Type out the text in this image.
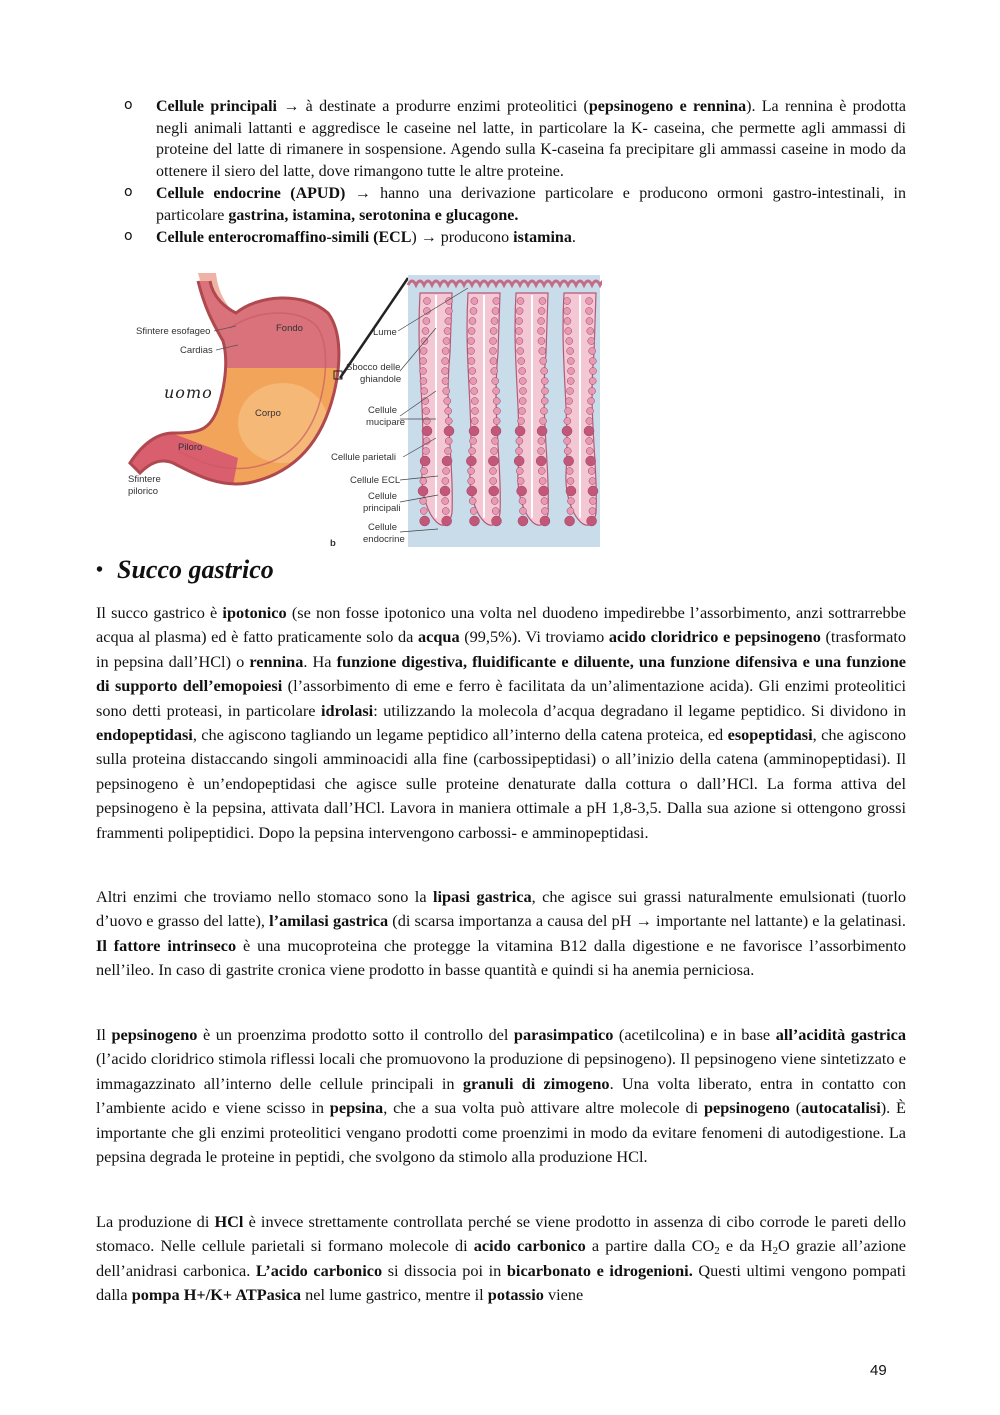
o Cellule principali → à destinate a produrre enzimi proteolitici (pepsinogeno e rennina). La rennina è prodotta negli animali lattanti e aggredisce le caseine nel latte, in particolare la K- caseina, che permette agli ammassi di proteine del latte di rimanere in sospensione. Agendo sulla K-caseina fa precipitare gli ammassi caseine in modo da ottenere il siero del latte, dove rimangono tutte le altre proteine.
o Cellule endocrine (APUD) → hanno una derivazione particolare e producono ormoni gastro-intestinali, in particolare gastrina, istamina, serotonina e glucagone.
o Cellule enterocromaffino-simili (ECL) → producono istamina.
Sfintere esofageo
Cardias
Sfintere
pilorico
Fondo
Corpo
Piloro
uomo
Lume
Sbocco delle
ghiandole
Cellule
mucipare
Cellule parietali
Cellule ECL
Cellule
principali
Cellule
endocrine
b
• Succo gastrico

Il succo gastrico è ipotonico (se non fosse ipotonico una volta nel duodeno impedirebbe l’assorbimento, anzi sottrarrebbe acqua al plasma) ed è fatto praticamente solo da acqua (99,5%). Vi troviamo acido cloridrico e pepsinogeno (trasformato in pepsina dall’HCl) o rennina. Ha funzione digestiva, fluidificante e diluente, una funzione difensiva e una funzione di supporto dell’emopoiesi (l’assorbimento di eme e ferro è facilitata da un’alimentazione acida). Gli enzimi proteolitici sono detti proteasi, in particolare idrolasi: utilizzando la molecola d’acqua degradano il legame peptidico. Si dividono in endopeptidasi, che agiscono tagliando un legame peptidico all’interno della catena proteica, ed esopeptidasi, che agiscono sulla proteina distaccando singoli amminoacidi alla fine (carbossipeptidasi) o all’inizio della catena (amminopeptidasi). Il pepsinogeno è un’endopeptidasi che agisce sulle proteine denaturate dalla cottura o dall’HCl. La forma attiva del pepsinogeno è la pepsina, attivata dall’HCl. Lavora in maniera ottimale a pH 1,8-3,5. Dalla sua azione si ottengono grossi frammenti polipeptidici. Dopo la pepsina intervengono carbossi- e amminopeptidasi.

Altri enzimi che troviamo nello stomaco sono la lipasi gastrica, che agisce sui grassi naturalmente emulsionati (tuorlo d’uovo e grasso del latte), l’amilasi gastrica (di scarsa importanza a causa del pH → importante nel lattante) e la gelatinasi. Il fattore intrinseco è una mucoproteina che protegge la vitamina B12 dalla digestione e ne favorisce l’assorbimento nell’ileo. In caso di gastrite cronica viene prodotto in basse quantità e quindi si ha anemia perniciosa.

Il pepsinogeno è un proenzima prodotto sotto il controllo del parasimpatico (acetilcolina) e in base all’acidità gastrica (l’acido cloridrico stimola riflessi locali che promuovono la produzione di pepsinogeno). Il pepsinogeno viene sintetizzato e immagazzinato all’interno delle cellule principali in granuli di zimogeno. Una volta liberato, entra in contatto con l’ambiente acido e viene scisso in pepsina, che a sua volta può attivare altre molecole di pepsinogeno (autocatalisi). È importante che gli enzimi proteolitici vengano prodotti come proenzimi in modo da evitare fenomeni di autodigestione. La pepsina degrada le proteine in peptidi, che svolgono da stimolo alla produzione HCl.

La produzione di HCl è invece strettamente controllata perché se viene prodotto in assenza di cibo corrode le pareti dello stomaco. Nelle cellule parietali si formano molecole di acido carbonico a partire dalla $CO_2$ e da $H_2O$ grazie all’azione dell’anidrasi carbonica. L’acido carbonico si dissocia poi in bicarbonato e idrogenioni. Questi ultimi vengono pompati dalla pompa H+/K+ ATPasica nel lume gastrico, mentre il potassio viene

49
